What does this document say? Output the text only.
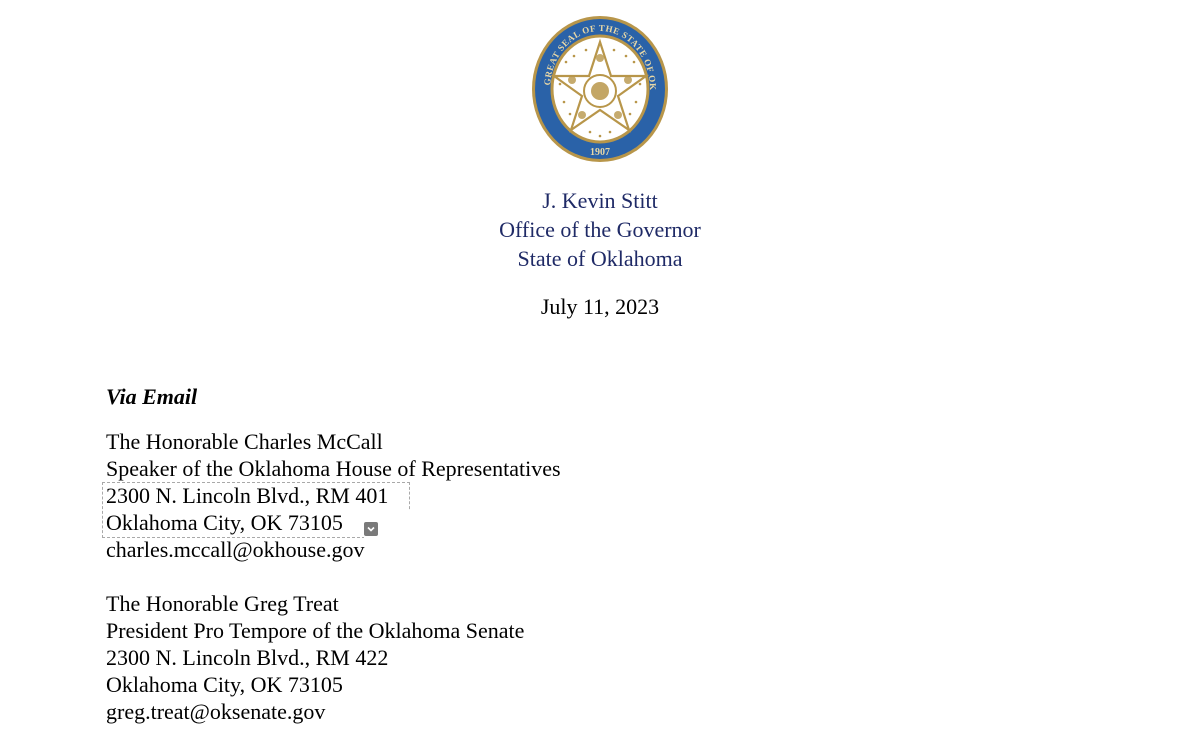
GREAT SEAL OF THE STATE OF OK
1907
J. Kevin Stitt
Office of the Governor
State of Oklahoma
July 11, 2023
Via Email
The Honorable Charles McCall
Speaker of the Oklahoma House of Representatives
2300 N. Lincoln Blvd., RM 401
Oklahoma City, OK 73105
charles.mccall@okhouse.gov
The Honorable Greg Treat
President Pro Tempore of the Oklahoma Senate
2300 N. Lincoln Blvd., RM 422
Oklahoma City, OK 73105
greg.treat@oksenate.gov
